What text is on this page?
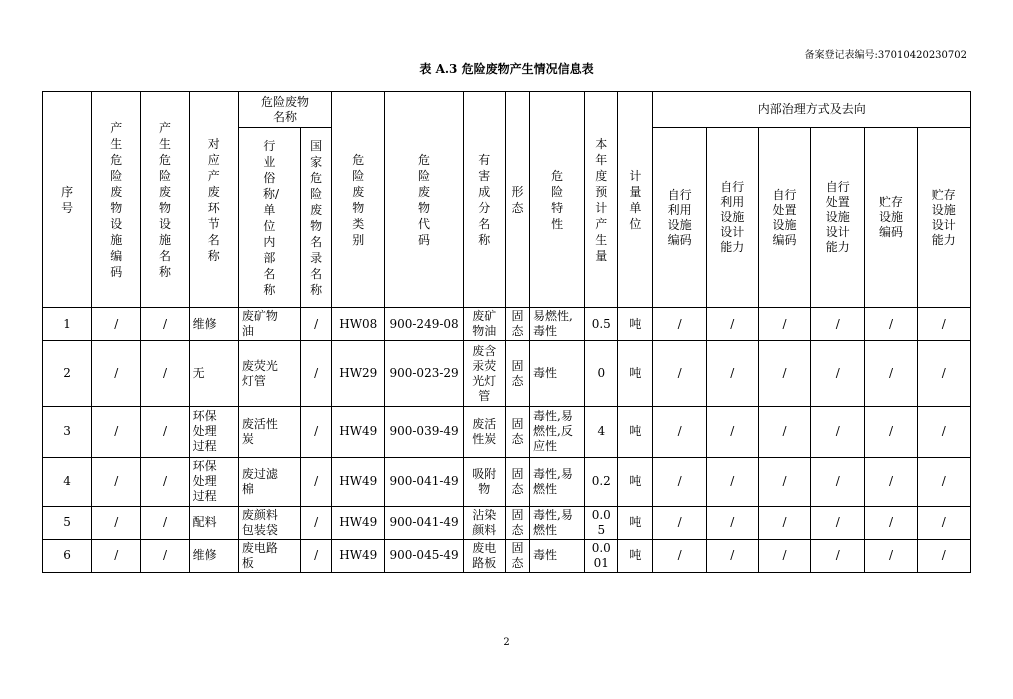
备案登记表编号:37010420230702
表 A.3 危险废物产生情况信息表
序号	产生危险废物设施编码	产生危险废物设施名称	对应产废环节名称	危险废物名称		危险废物类别	危险废物代码	有害成分名称	形态	危险特性	本年度预计产生量	计量单位	内部治理方式及去向					
				行业俗称/单位内部名称	国家危险废物名录名称								自行利用设施编码	自行利用设施设计能力	自行处置设施编码	自行处置设施设计能力	贮存设施编码	贮存设施设计能力
1	/	/	维修	废矿物油	/	HW08	900-249-08	废矿物油	固态	易燃性,毒性	0.5	吨	/	/	/	/	/	/
2	/	/	无	废荧光灯管	/	HW29	900-023-29	废含汞荧光灯管	固态	毒性	0	吨	/	/	/	/	/	/
3	/	/	环保处理过程	废活性炭	/	HW49	900-039-49	废活性炭	固态	毒性,易燃性,反应性	4	吨	/	/	/	/	/	/
4	/	/	环保处理过程	废过滤棉	/	HW49	900-041-49	吸附物	固态	毒性,易燃性	0.2	吨	/	/	/	/	/	/
5	/	/	配料	废颜料包装袋	/	HW49	900-041-49	沾染颜料	固态	毒性,易燃性	0.05	吨	/	/	/	/	/	/
6	/	/	维修	废电路板	/	HW49	900-045-49	废电路板	固态	毒性	0.001	吨	/	/	/	/	/	/
2
